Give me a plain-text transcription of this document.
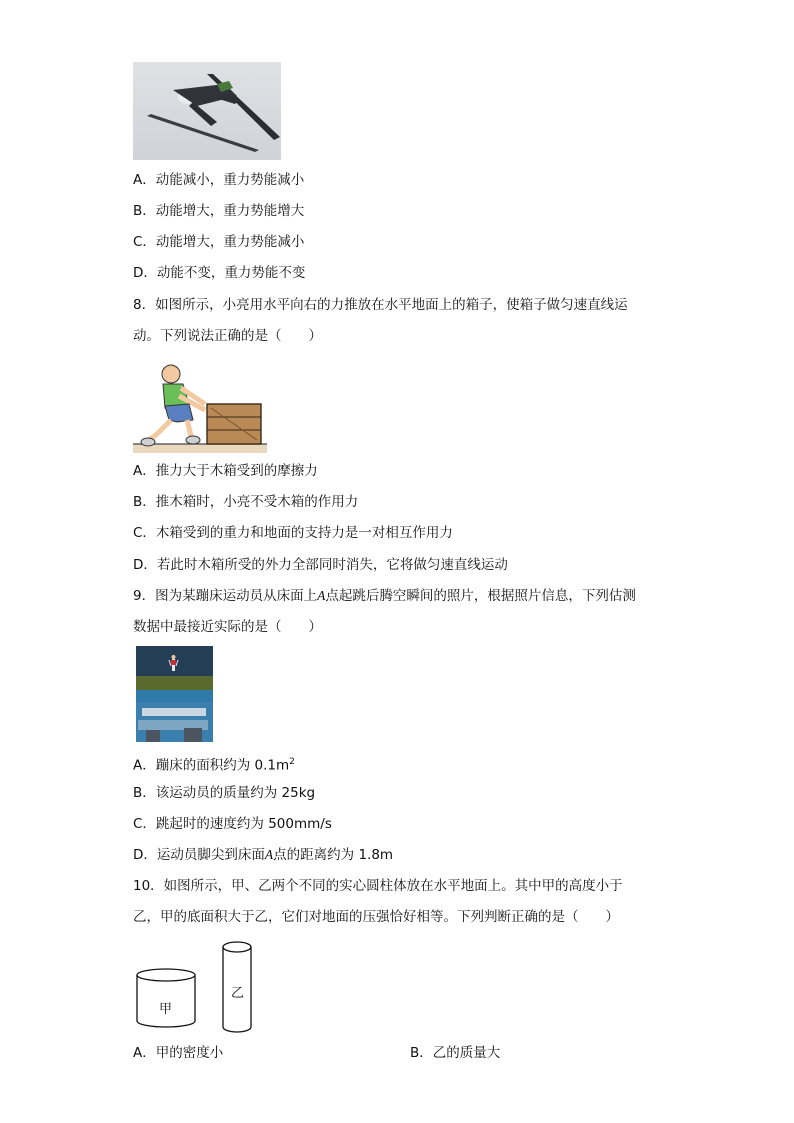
A．动能减小，重力势能减小
B．动能增大，重力势能增大
C．动能增大，重力势能减小
D．动能不变，重力势能不变
8．如图所示，小亮用水平向右的力推放在水平地面上的箱子，使箱子做匀速直线运
动。下列说法正确的是（　　）
A．推力大于木箱受到的摩擦力
B．推木箱时，小亮不受木箱的作用力
C．木箱受到的重力和地面的支持力是一对相互作用力
D．若此时木箱所受的外力全部同时消失，它将做匀速直线运动
9．图为某蹦床运动员从床面上A点起跳后腾空瞬间的照片，根据照片信息，下列估测
数据中最接近实际的是（　　）
A．蹦床的面积约为 $0.1m^2$
B．该运动员的质量约为 25kg
C．跳起时的速度约为 500mm/s
D．运动员脚尖到床面A点的距离约为 1.8m
10．如图所示，甲、乙两个不同的实心圆柱体放在水平地面上。其中甲的高度小于
乙，甲的底面积大于乙，它们对地面的压强恰好相等。下列判断正确的是（　　）
甲
乙
A．甲的密度小	B．乙的质量大
